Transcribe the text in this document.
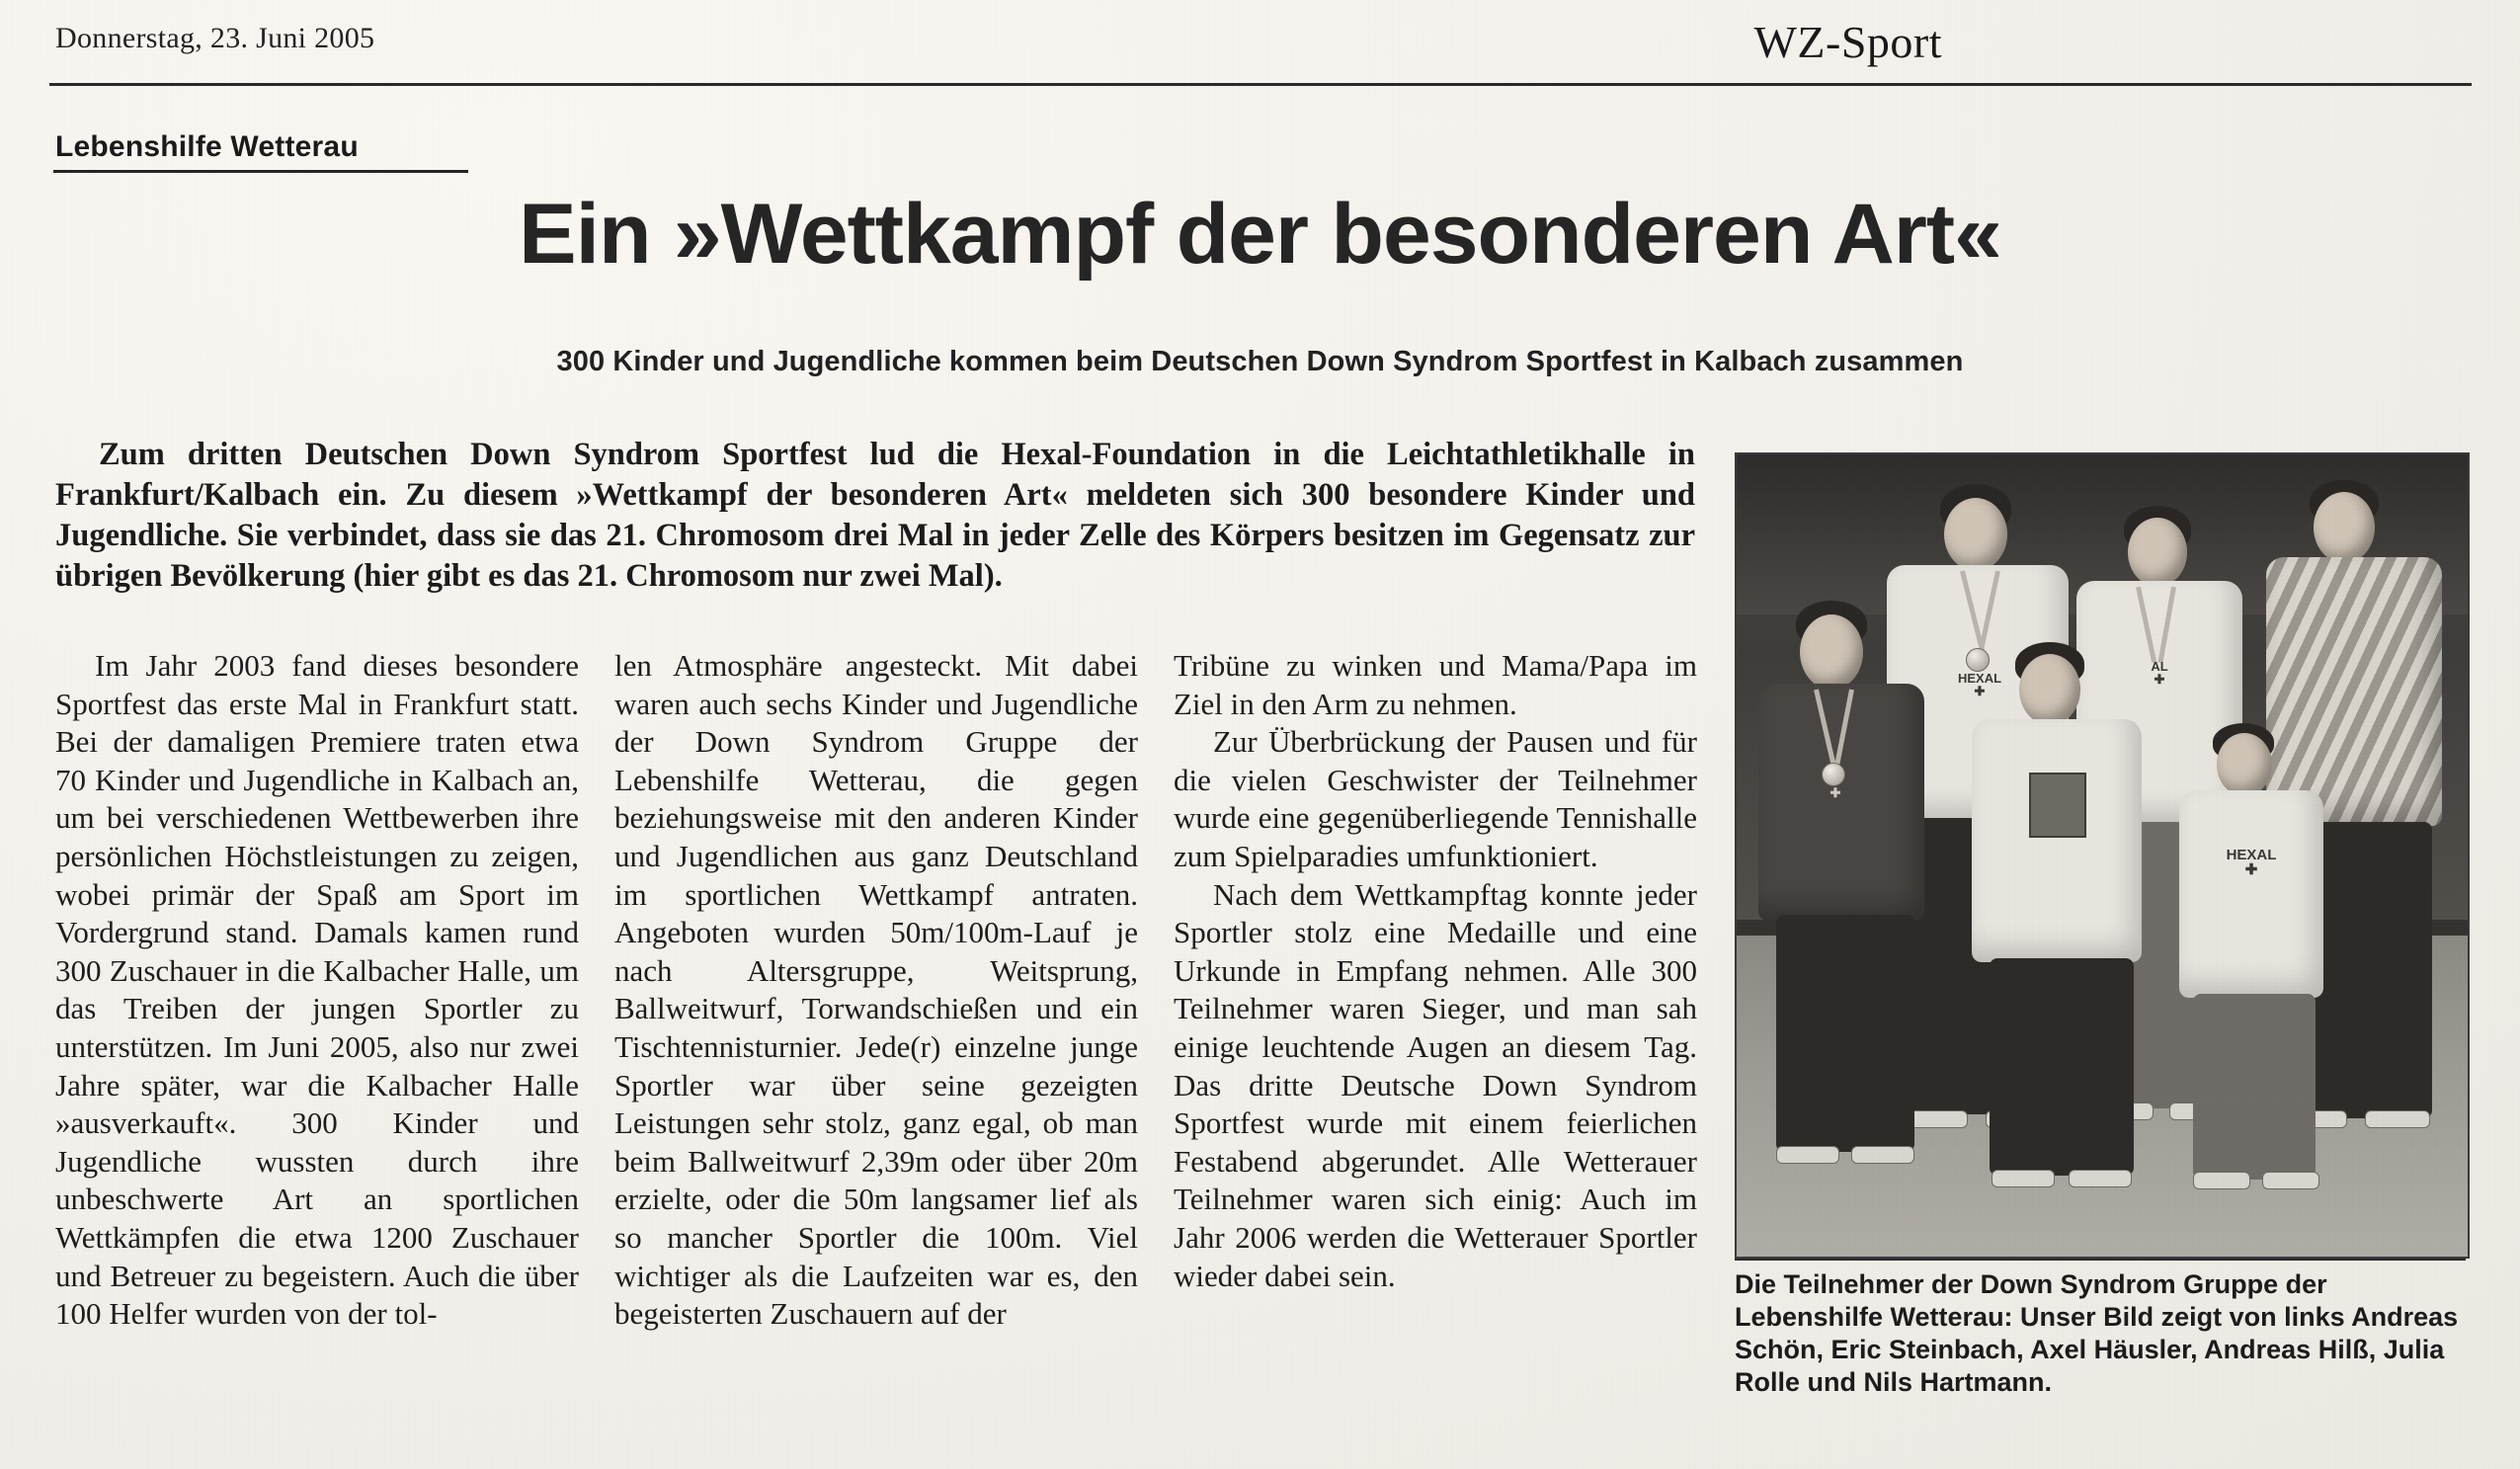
Donnerstag, 23. Juni 2005	WZ-Sport
Lebenshilfe Wetterau
Ein »Wettkampf der besonderen Art«
300 Kinder und Jugendliche kommen beim Deutschen Down Syndrom Sportfest in Kalbach zusammen
Zum dritten Deutschen Down Syndrom Sportfest lud die Hexal-Foundation in die Leichtathletikhalle in Frankfurt/Kalbach ein. Zu diesem »Wettkampf der besonderen Art« meldeten sich 300 besondere Kinder und Jugendliche. Sie verbindet, dass sie das 21. Chromosom drei Mal in jeder Zelle des Körpers besitzen im Gegensatz zur übrigen Bevölkerung (hier gibt es das 21. Chromosom nur zwei Mal).

Im Jahr 2003 fand dieses besondere Sportfest das erste Mal in Frankfurt statt. Bei der damaligen Premiere traten etwa 70 Kinder und Jugendliche in Kalbach an, um bei verschiedenen Wettbewerben ihre persönlichen Höchstleistungen zu zeigen, wobei primär der Spaß am Sport im Vordergrund stand. Damals kamen rund 300 Zuschauer in die Kalbacher Halle, um das Treiben der jungen Sportler zu unterstützen. Im Juni 2005, also nur zwei Jahre später, war die Kalbacher Halle »ausverkauft«. 300 Kinder und Jugendliche wussten durch ihre unbeschwerte Art an sportlichen Wettkämpfen die etwa 1200 Zuschauer und Betreuer zu begeistern. Auch die über 100 Helfer wurden von der tol-

len Atmosphäre angesteckt. Mit dabei waren auch sechs Kinder und Jugendliche der Down Syndrom Gruppe der Lebenshilfe Wetterau, die gegen beziehungsweise mit den anderen Kinder und Jugendlichen aus ganz Deutschland im sportlichen Wettkampf antraten. Angeboten wurden 50m/100m-Lauf je nach Altersgruppe, Weitsprung, Ballweitwurf, Torwandschießen und ein Tischtennisturnier. Jede(r) einzelne junge Sportler war über seine gezeigten Leistungen sehr stolz, ganz egal, ob man beim Ballweitwurf 2,39m oder über 20m erzielte, oder die 50m langsamer lief als so mancher Sportler die 100m. Viel wichtiger als die Laufzeiten war es, den begeisterten Zuschauern auf der

Tribüne zu winken und Mama/Papa im Ziel in den Arm zu nehmen.

Zur Überbrückung der Pausen und für die vielen Geschwister der Teilnehmer wurde eine gegenüberliegende Tennishalle zum Spielparadies umfunktioniert.

Nach dem Wettkampftag konnte jeder Sportler stolz eine Medaille und eine Urkunde in Empfang nehmen. Alle 300 Teilnehmer waren Sieger, und man sah einige leuchtende Augen an diesem Tag. Das dritte Deutsche Down Syndrom Sportfest wurde mit einem feierlichen Festabend abgerundet. Alle Wetterauer Teilnehmer waren sich einig: Auch im Jahr 2006 werden die Wetterauer Sportler wieder dabei sein.

HEXAL
✚
AL
✚
✚
HEXAL
✚
Die Teilnehmer der Down Syndrom Gruppe der Lebenshilfe Wetterau: Unser Bild zeigt von links Andreas Schön, Eric Steinbach, Axel Häusler, Andreas Hilß, Julia Rolle und Nils Hartmann.
